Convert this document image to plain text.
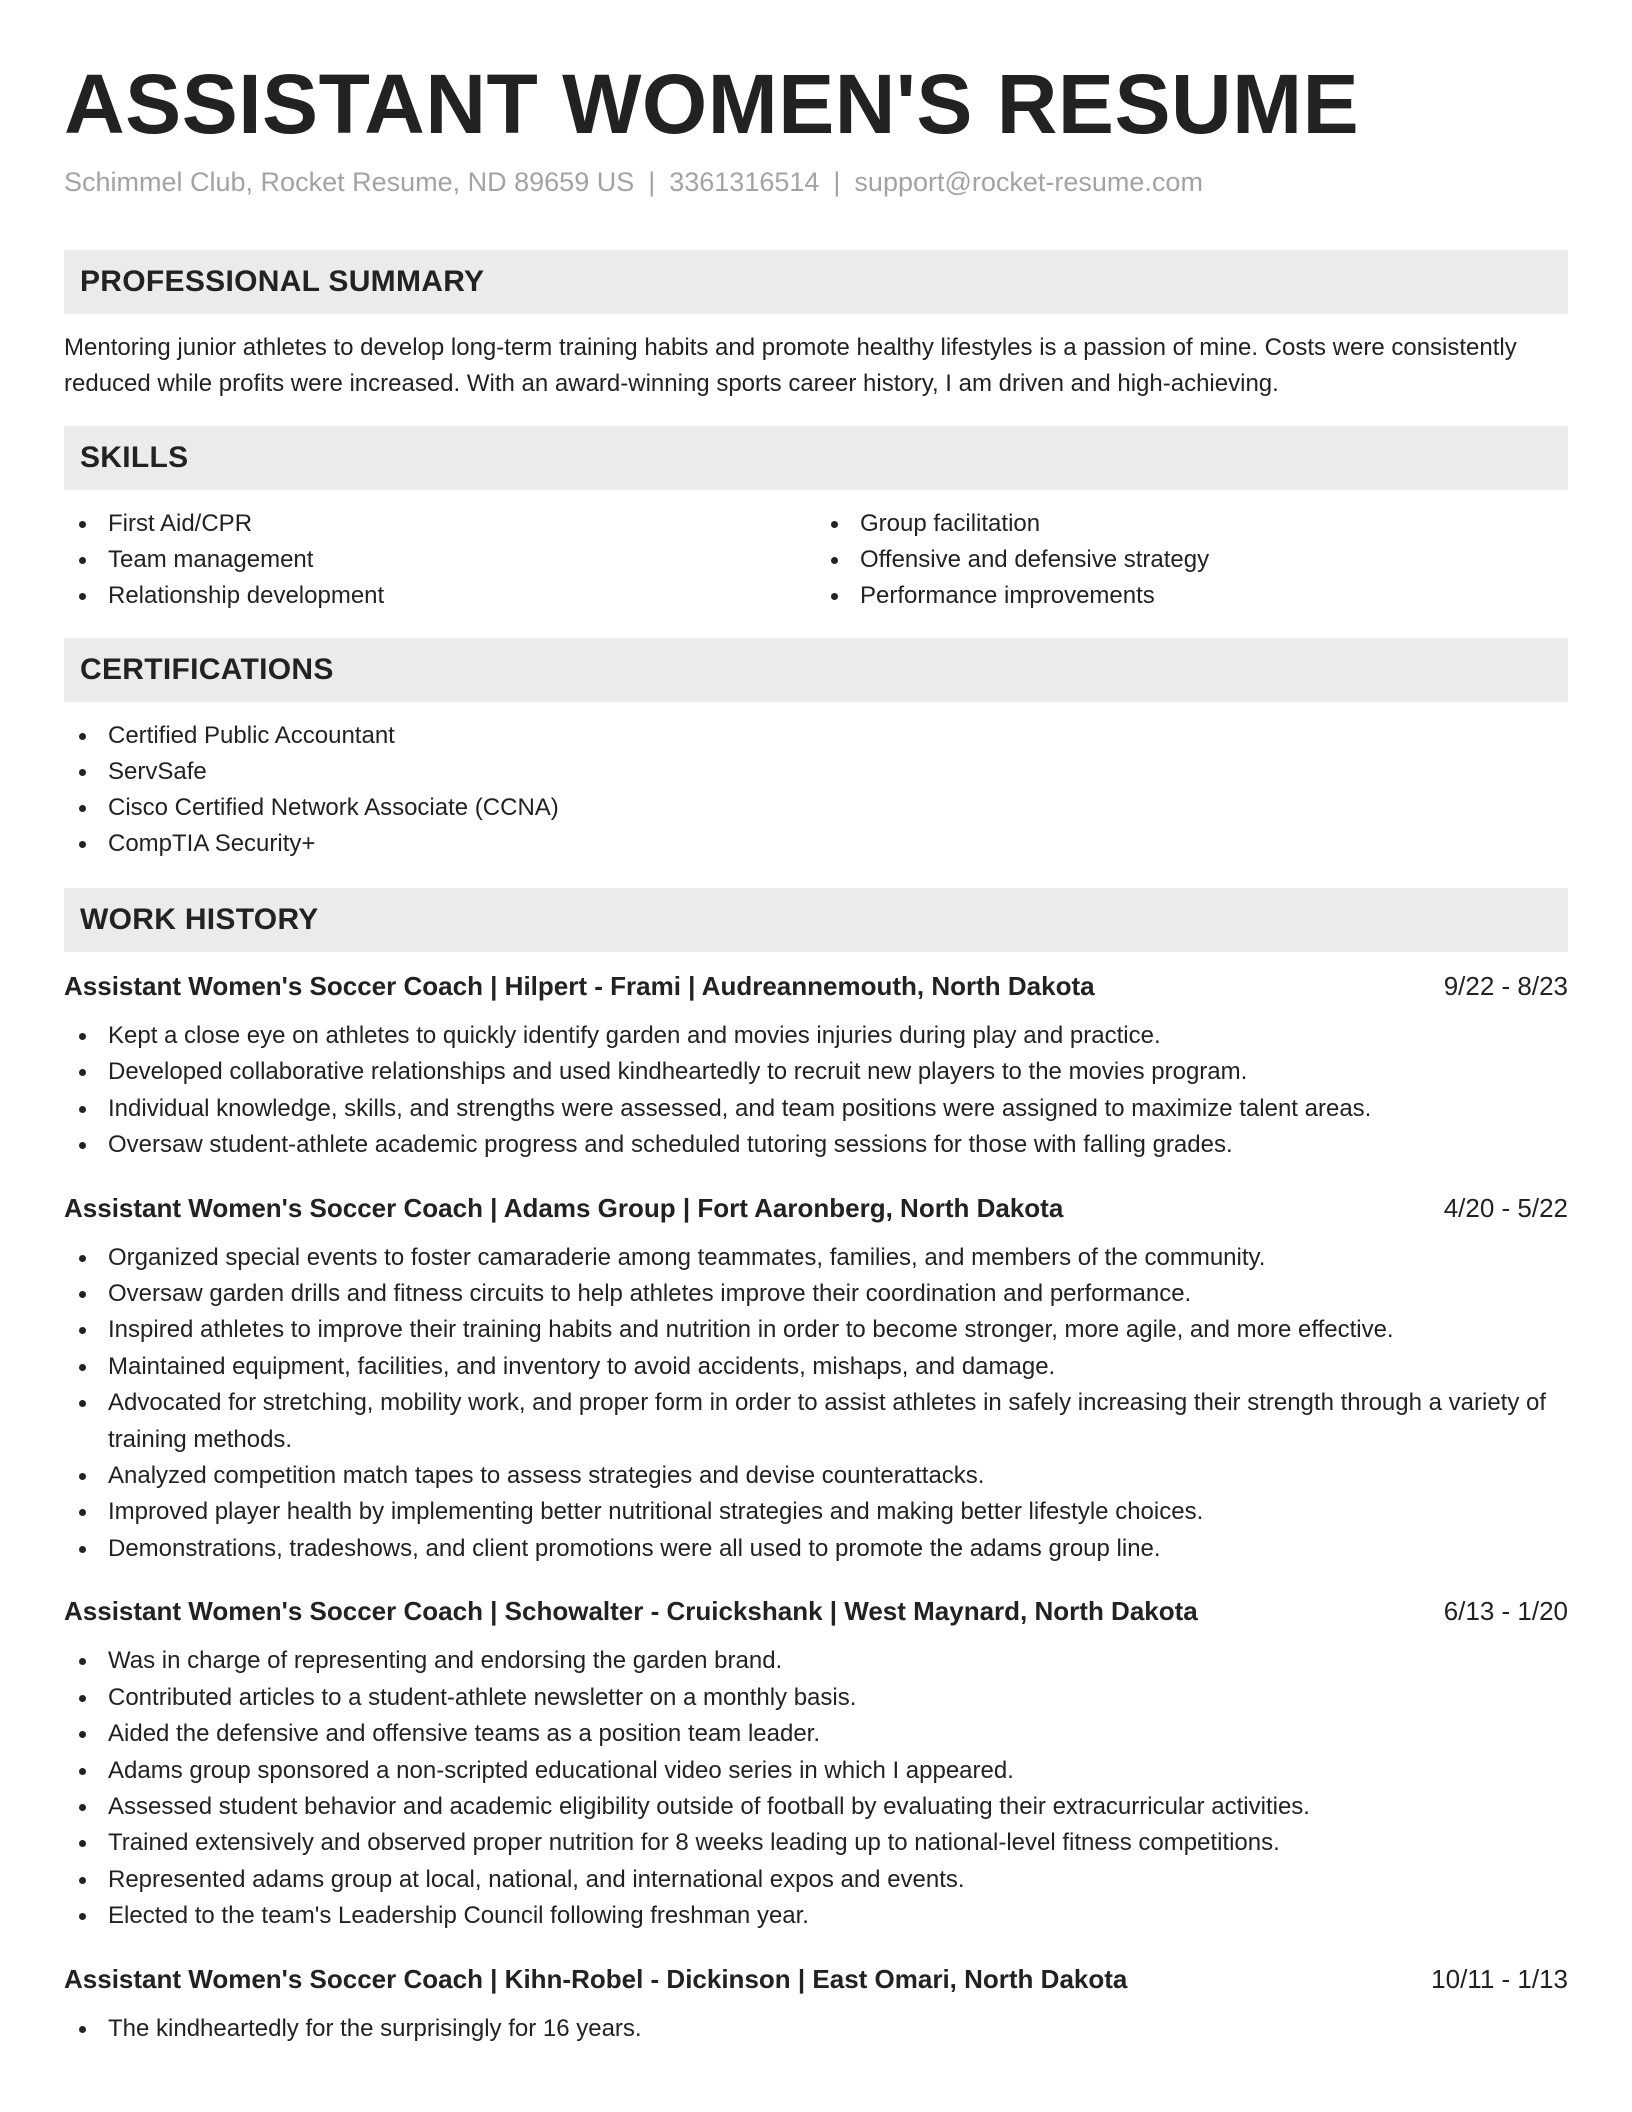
ASSISTANT WOMEN'S RESUME
Schimmel Club, Rocket Resume, ND 89659 US | 3361316514 | support@rocket-resume.com
PROFESSIONAL SUMMARY
Mentoring junior athletes to develop long-term training habits and promote healthy lifestyles is a passion of mine. Costs were consistently reduced while profits were increased. With an award-winning sports career history, I am driven and high-achieving.
SKILLS
First Aid/CPR
Team management
Relationship development
Group facilitation
Offensive and defensive strategy
Performance improvements
CERTIFICATIONS
Certified Public Accountant
ServSafe
Cisco Certified Network Associate (CCNA)
CompTIA Security+
WORK HISTORY
Assistant Women's Soccer Coach | Hilpert - Frami | Audreannemouth, North Dakota	9/22 - 8/23
Kept a close eye on athletes to quickly identify garden and movies injuries during play and practice.
Developed collaborative relationships and used kindheartedly to recruit new players to the movies program.
Individual knowledge, skills, and strengths were assessed, and team positions were assigned to maximize talent areas.
Oversaw student-athlete academic progress and scheduled tutoring sessions for those with falling grades.
Assistant Women's Soccer Coach | Adams Group | Fort Aaronberg, North Dakota	4/20 - 5/22
Organized special events to foster camaraderie among teammates, families, and members of the community.
Oversaw garden drills and fitness circuits to help athletes improve their coordination and performance.
Inspired athletes to improve their training habits and nutrition in order to become stronger, more agile, and more effective.
Maintained equipment, facilities, and inventory to avoid accidents, mishaps, and damage.
Advocated for stretching, mobility work, and proper form in order to assist athletes in safely increasing their strength through a variety of training methods.
Analyzed competition match tapes to assess strategies and devise counterattacks.
Improved player health by implementing better nutritional strategies and making better lifestyle choices.
Demonstrations, tradeshows, and client promotions were all used to promote the adams group line.
Assistant Women's Soccer Coach | Schowalter - Cruickshank | West Maynard, North Dakota	6/13 - 1/20
Was in charge of representing and endorsing the garden brand.
Contributed articles to a student-athlete newsletter on a monthly basis.
Aided the defensive and offensive teams as a position team leader.
Adams group sponsored a non-scripted educational video series in which I appeared.
Assessed student behavior and academic eligibility outside of football by evaluating their extracurricular activities.
Trained extensively and observed proper nutrition for 8 weeks leading up to national-level fitness competitions.
Represented adams group at local, national, and international expos and events.
Elected to the team's Leadership Council following freshman year.
Assistant Women's Soccer Coach | Kihn-Robel - Dickinson | East Omari, North Dakota	10/11 - 1/13
The kindheartedly for the surprisingly for 16 years.
